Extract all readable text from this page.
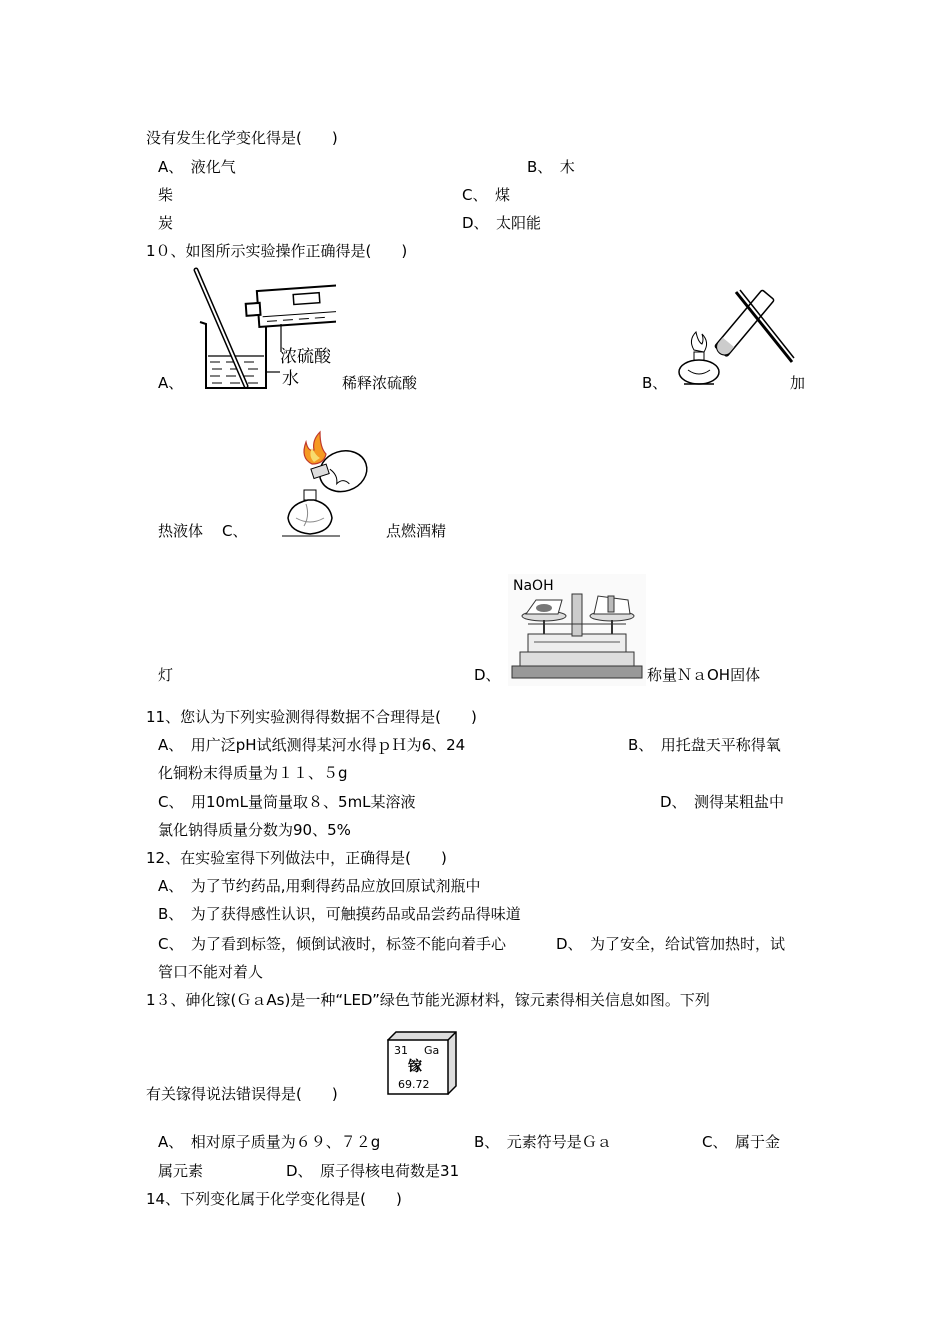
没有发生化学变化得是(　　)
A、　液化气	B、　木
柴	C、　煤
炭	D、　太阳能
1０、如图所示实验操作正确得是(　　)
A、
浓硫酸
水	稀释浓硫酸	B、	加
热液体 C、	点燃酒精
灯	D、
NaOH
称量ＮａOH固体
11、您认为下列实验测得得数据不合理得是(　　)
A、　用广泛pH试纸测得某河水得ｐＨ为6、24	B、　用托盘天平称得氧
化铜粉末得质量为１１、５g
C、　用10mL量筒量取８、5mL某溶液	D、　测得某粗盐中
氯化钠得质量分数为90、5%
12、在实验室得下列做法中，正确得是(　　)
A、　为了节约药品,用剩得药品应放回原试剂瓶中
B、　为了获得感性认识，可触摸药品或品尝药品得味道
C、　为了看到标签，倾倒试液时，标签不能向着手心	D、　为了安全，给试管加热时，试
管口不能对着人
1３、砷化镓(ＧａAs)是一种“LED”绿色节能光源材料，镓元素得相关信息如图。下列
有关镓得说法错误得是(　　)
31 Ga
镓
69.72
A、　相对原子质量为６９、７２g	B、　元素符号是Ｇａ	C、　属于金
属元素	D、　原子得核电荷数是31
14、下列变化属于化学变化得是(　　)
